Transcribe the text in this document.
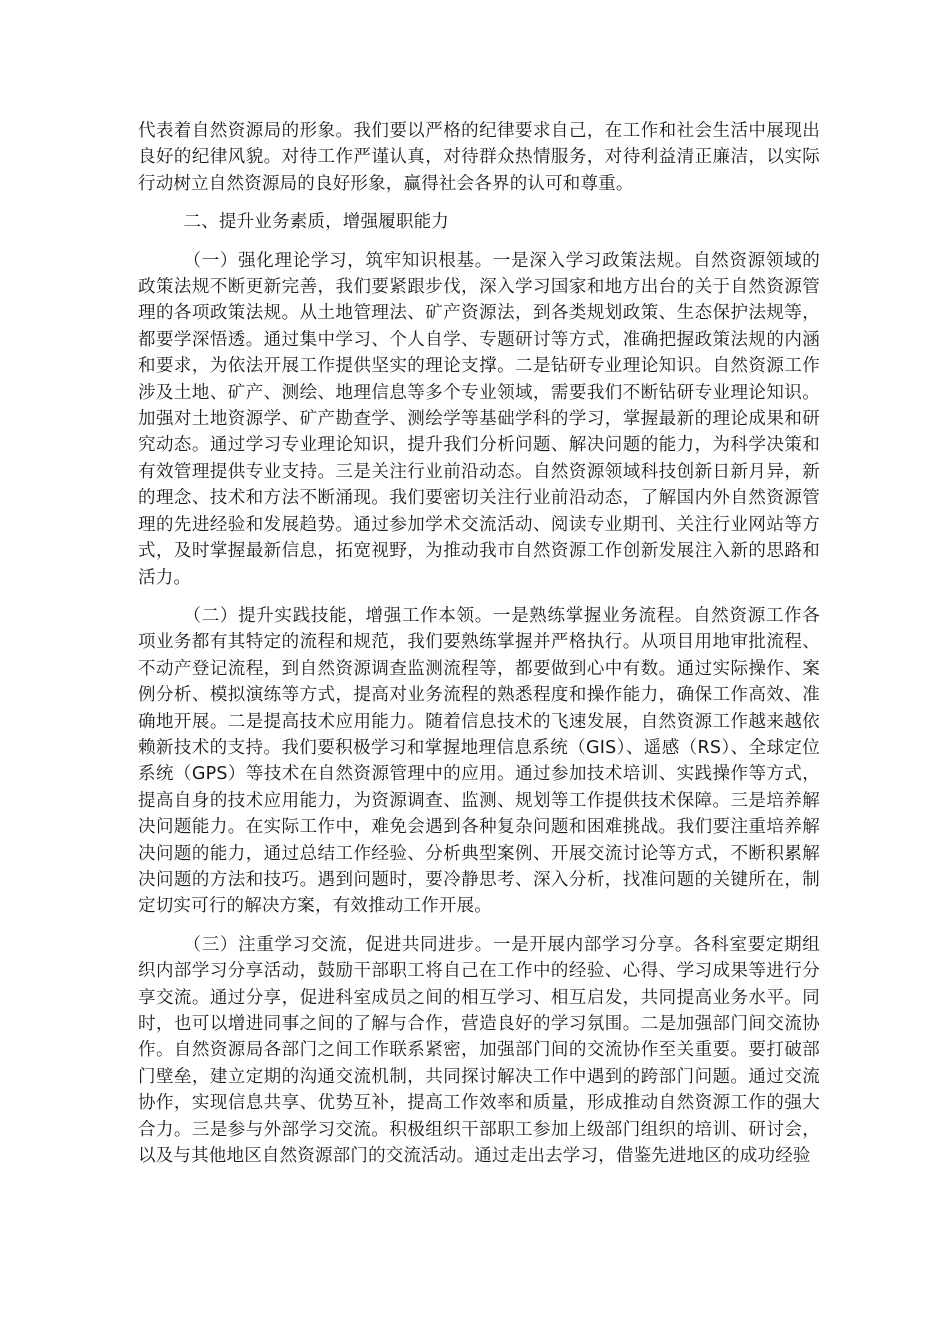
代表着自然资源局的形象。我们要以严格的纪律要求自己，在工作和社会生活中展现出良好的纪律风貌。对待工作严谨认真，对待群众热情服务，对待利益清正廉洁，以实际行动树立自然资源局的良好形象，赢得社会各界的认可和尊重。

二、提升业务素质，增强履职能力

（一）强化理论学习，筑牢知识根基。一是深入学习政策法规。自然资源领域的政策法规不断更新完善，我们要紧跟步伐，深入学习国家和地方出台的关于自然资源管理的各项政策法规。从土地管理法、矿产资源法，到各类规划政策、生态保护法规等，都要学深悟透。通过集中学习、个人自学、专题研讨等方式，准确把握政策法规的内涵和要求，为依法开展工作提供坚实的理论支撑。二是钻研专业理论知识。自然资源工作涉及土地、矿产、测绘、地理信息等多个专业领域，需要我们不断钻研专业理论知识。加强对土地资源学、矿产勘查学、测绘学等基础学科的学习，掌握最新的理论成果和研究动态。通过学习专业理论知识，提升我们分析问题、解决问题的能力，为科学决策和有效管理提供专业支持。三是关注行业前沿动态。自然资源领域科技创新日新月异，新的理念、技术和方法不断涌现。我们要密切关注行业前沿动态，了解国内外自然资源管理的先进经验和发展趋势。通过参加学术交流活动、阅读专业期刊、关注行业网站等方式，及时掌握最新信息，拓宽视野，为推动我市自然资源工作创新发展注入新的思路和活力。

（二）提升实践技能，增强工作本领。一是熟练掌握业务流程。自然资源工作各项业务都有其特定的流程和规范，我们要熟练掌握并严格执行。从项目用地审批流程、不动产登记流程，到自然资源调查监测流程等，都要做到心中有数。通过实际操作、案例分析、模拟演练等方式，提高对业务流程的熟悉程度和操作能力，确保工作高效、准确地开展。二是提高技术应用能力。随着信息技术的飞速发展，自然资源工作越来越依赖新技术的支持。我们要积极学习和掌握地理信息系统（GIS）、遥感（RS）、全球定位系统（GPS）等技术在自然资源管理中的应用。通过参加技术培训、实践操作等方式，提高自身的技术应用能力，为资源调查、监测、规划等工作提供技术保障。三是培养解决问题能力。在实际工作中，难免会遇到各种复杂问题和困难挑战。我们要注重培养解决问题的能力，通过总结工作经验、分析典型案例、开展交流讨论等方式，不断积累解决问题的方法和技巧。遇到问题时，要冷静思考、深入分析，找准问题的关键所在，制定切实可行的解决方案，有效推动工作开展。

（三）注重学习交流，促进共同进步。一是开展内部学习分享。各科室要定期组织内部学习分享活动，鼓励干部职工将自己在工作中的经验、心得、学习成果等进行分享交流。通过分享，促进科室成员之间的相互学习、相互启发，共同提高业务水平。同时，也可以增进同事之间的了解与合作，营造良好的学习氛围。二是加强部门间交流协作。自然资源局各部门之间工作联系紧密，加强部门间的交流协作至关重要。要打破部门壁垒，建立定期的沟通交流机制，共同探讨解决工作中遇到的跨部门问题。通过交流协作，实现信息共享、优势互补，提高工作效率和质量，形成推动自然资源工作的强大合力。三是参与外部学习交流。积极组织干部职工参加上级部门组织的培训、研讨会，以及与其他地区自然资源部门的交流活动。通过走出去学习，借鉴先进地区的成功经验
